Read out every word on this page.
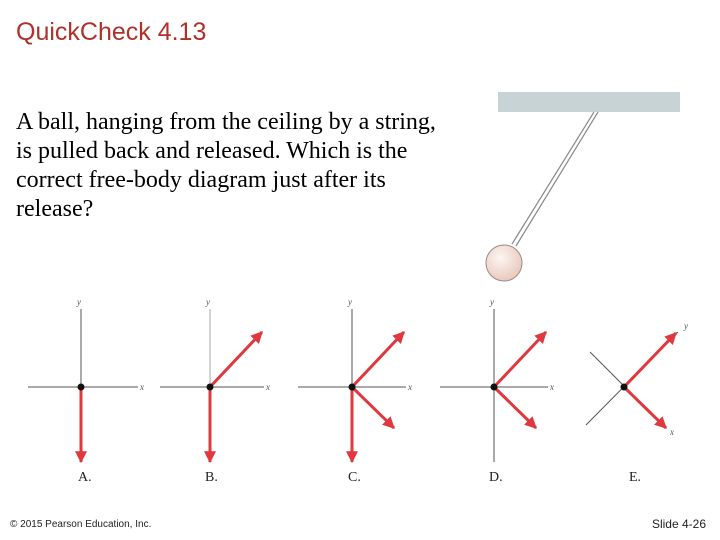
QuickCheck 4.13
A ball, hanging from the ceiling by a string, is pulled back and released. Which is the correct free-body diagram just after its release?
y
x
A.
y
x
B.
y
x
C.
y
x
D.
y
x
E.
© 2015 Pearson Education, Inc.	Slide 4-26
